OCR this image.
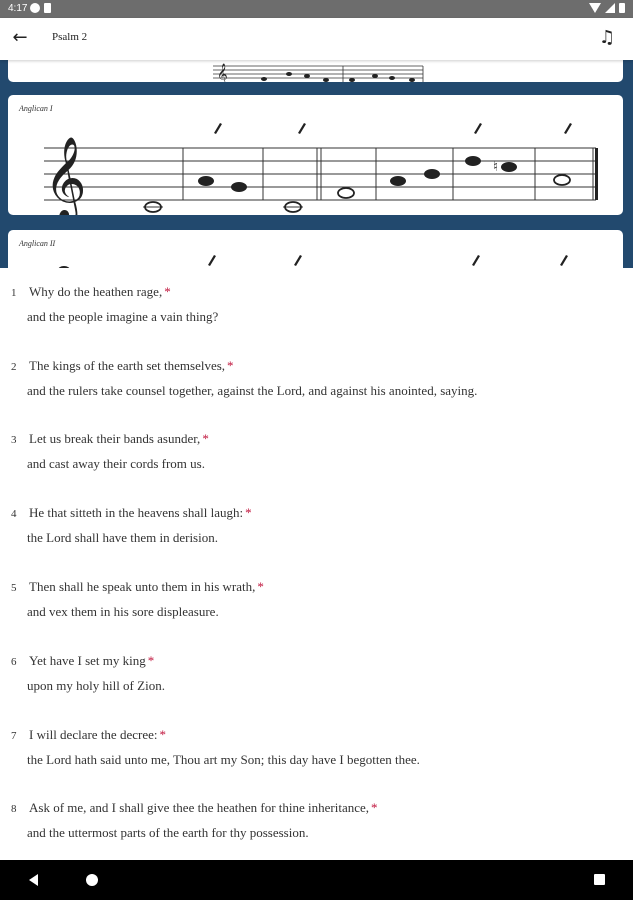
4:17
← Psalm 2	♫
𝄞
Anglican I
𝄞	♮
Anglican II
1 Why do the heathen rage, *
and the people imagine a vain thing?
2 The kings of the earth set themselves, *
and the rulers take counsel together, against the Lord, and against his anointed, saying.
3 Let us break their bands asunder, *
and cast away their cords from us.
4 He that sitteth in the heavens shall laugh: *
the Lord shall have them in derision.
5 Then shall he speak unto them in his wrath, *
and vex them in his sore displeasure.
6 Yet have I set my king *
upon my holy hill of Zion.
7 I will declare the decree: *
the Lord hath said unto me, Thou art my Son; this day have I begotten thee.
8 Ask of me, and I shall give thee the heathen for thine inheritance, *
and the uttermost parts of the earth for thy possession.
